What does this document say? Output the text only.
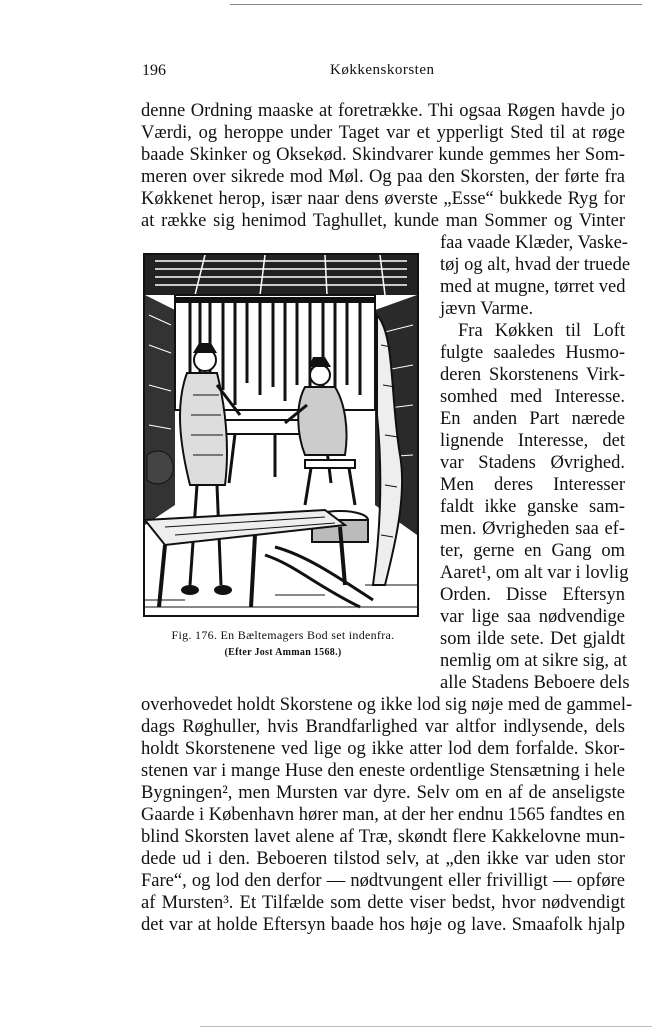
196	Køkkenskorsten
denne Ordning maaske at foretrække. Thi ogsaa Røgen havde jo
Værdi, og heroppe under Taget var et ypperligt Sted til at røge
baade Skinker og Oksekød. Skindvarer kunde gemmes her Som-
meren over sikrede mod Møl. Og paa den Skorsten, der førte fra
Køkkenet herop, især naar dens øverste „Esse“ bukkede Ryg for
at række sig henimod Taghullet, kunde man Sommer og Vinter
faa vaade Klæder, Vaske-
tøj og alt, hvad der truede
med at mugne, tørret ved
jævn Varme.
Fra Køkken til Loft
fulgte saaledes Husmo-
deren Skorstenens Virk-
somhed med Interesse.
En anden Part nærede
lignende Interesse, det
var Stadens Øvrighed.
Men deres Interesser
faldt ikke ganske sam-
men. Øvrigheden saa ef-
ter, gerne en Gang om
Aaret¹, om alt var i lovlig
Orden. Disse Eftersyn
var lige saa nødvendige
som ilde sete. Det gjaldt
nemlig om at sikre sig, at
alle Stadens Beboere dels
Fig. 176. En Bæltemagers Bod set indenfra.
(Efter Jost Amman 1568.)
overhovedet holdt Skorstene og ikke lod sig nøje med de gammel-
dags Røghuller, hvis Brandfarlighed var altfor indlysende, dels
holdt Skorstenene ved lige og ikke atter lod dem forfalde. Skor-
stenen var i mange Huse den eneste ordentlige Stensætning i hele
Bygningen², men Mursten var dyre. Selv om en af de anseligste
Gaarde i København hører man, at der her endnu 1565 fandtes en
blind Skorsten lavet alene af Træ, skøndt flere Kakkelovne mun-
dede ud i den. Beboeren tilstod selv, at „den ikke var uden stor
Fare“, og lod den derfor — nødtvungent eller frivilligt — opføre
af Mursten³. Et Tilfælde som dette viser bedst, hvor nødvendigt
det var at holde Eftersyn baade hos høje og lave. Smaafolk hjalp
